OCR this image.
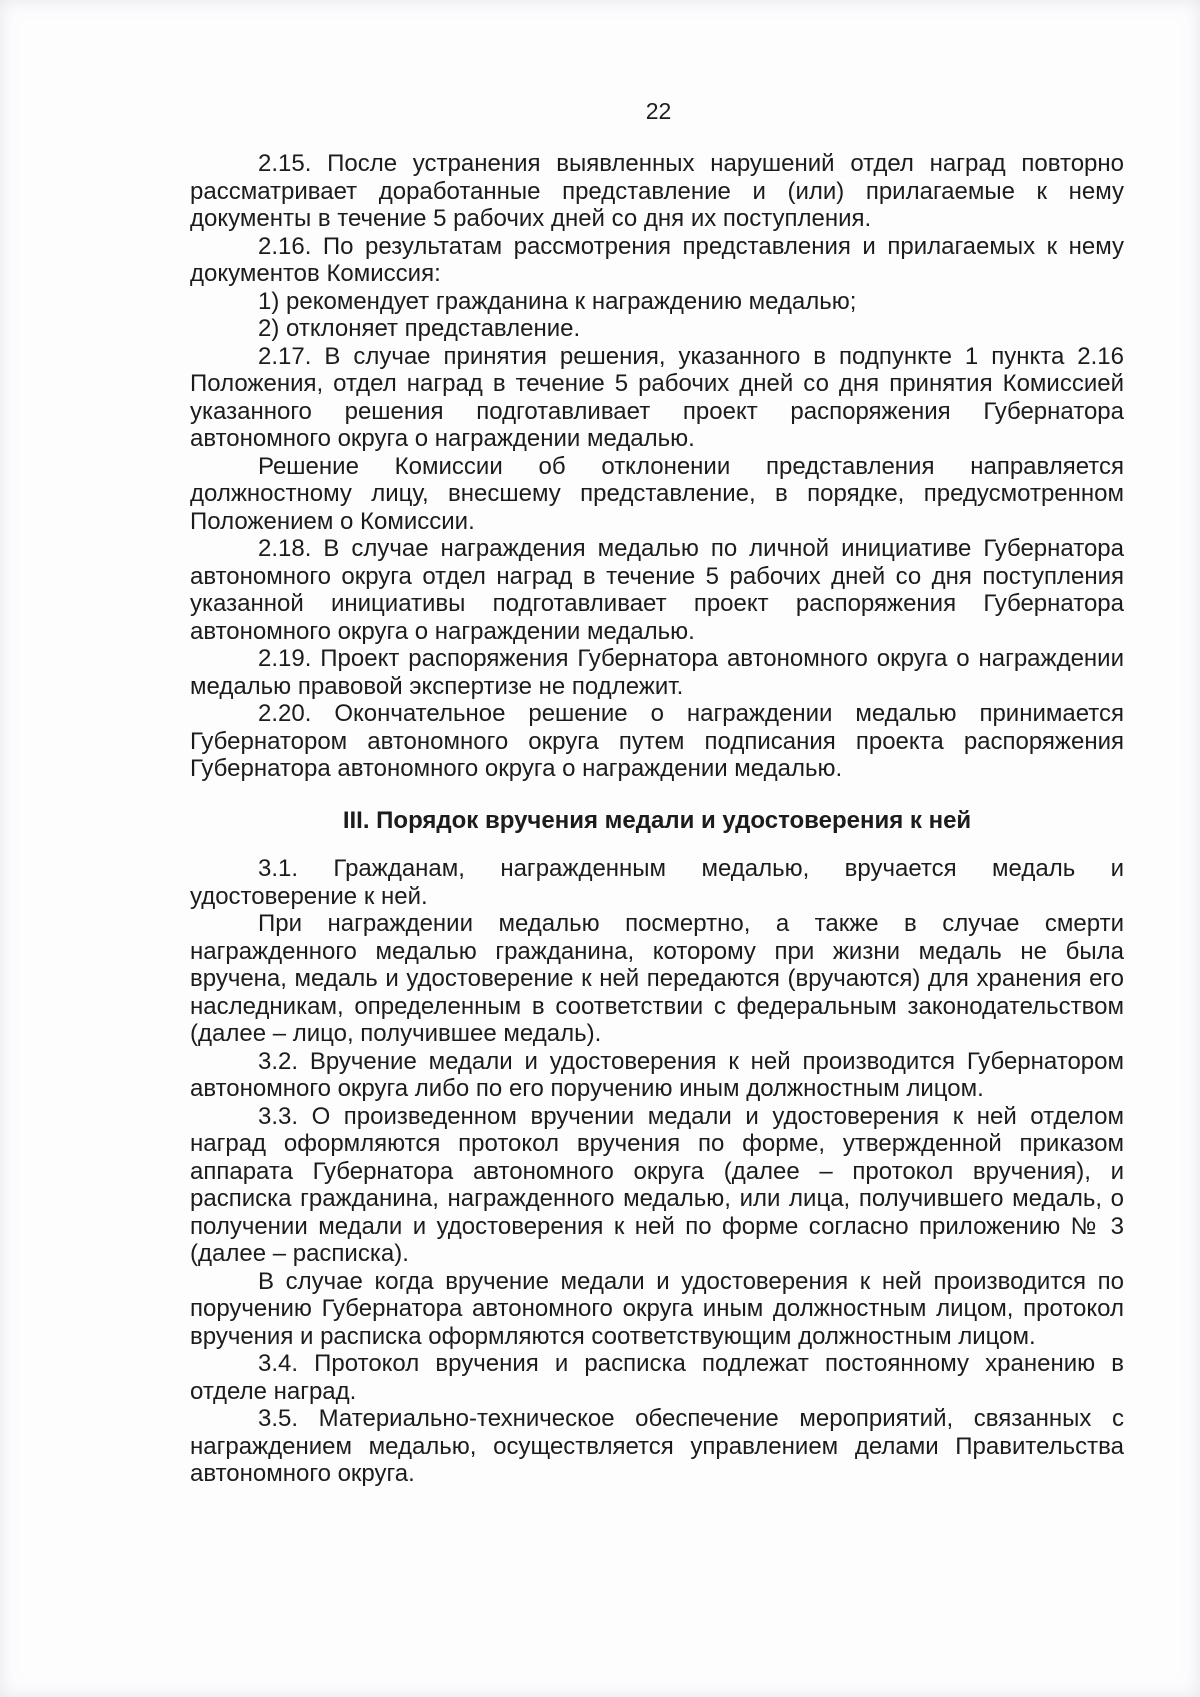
22

2.15. После устранения выявленных нарушений отдел наград повторно рассматривает доработанные представление и (или) прилагаемые к нему документы в течение 5 рабочих дней со дня их поступления.

2.16. По результатам рассмотрения представления и прилагаемых к нему документов Комиссия:

1) рекомендует гражданина к награждению медалью;

2) отклоняет представление.

2.17. В случае принятия решения, указанного в подпункте 1 пункта 2.16 Положения, отдел наград в течение 5 рабочих дней со дня принятия Комиссией указанного решения подготавливает проект распоряжения Губернатора автономного округа о награждении медалью.

Решение Комиссии об отклонении представления направляется должностному лицу, внесшему представление, в порядке, предусмотренном Положением о Комиссии.

2.18. В случае награждения медалью по личной инициативе Губернатора автономного округа отдел наград в течение 5 рабочих дней со дня поступления указанной инициативы подготавливает проект распоряжения Губернатора автономного округа о награждении медалью.

2.19. Проект распоряжения Губернатора автономного округа о награждении медалью правовой экспертизе не подлежит.

2.20. Окончательное решение о награждении медалью принимается Губернатором автономного округа путем подписания проекта распоряжения Губернатора автономного округа о награждении медалью.

III. Порядок вручения медали и удостоверения к ней

3.1. Гражданам, награжденным медалью, вручается медаль и удостоверение к ней.

При награждении медалью посмертно, а также в случае смерти награжденного медалью гражданина, которому при жизни медаль не была вручена, медаль и удостоверение к ней передаются (вручаются) для хранения его наследникам, определенным в соответствии с федеральным законодательством (далее – лицо, получившее медаль).

3.2. Вручение медали и удостоверения к ней производится Губернатором автономного округа либо по его поручению иным должностным лицом.

3.3. О произведенном вручении медали и удостоверения к ней отделом наград оформляются протокол вручения по форме, утвержденной приказом аппарата Губернатора автономного округа (далее – протокол вручения), и расписка гражданина, награжденного медалью, или лица, получившего медаль, о получении медали и удостоверения к ней по форме согласно приложению № 3 (далее – расписка).

В случае когда вручение медали и удостоверения к ней производится по поручению Губернатора автономного округа иным должностным лицом, протокол вручения и расписка оформляются соответствующим должностным лицом.

3.4. Протокол вручения и расписка подлежат постоянному хранению в отделе наград.

3.5. Материально-техническое обеспечение мероприятий, связанных с награждением медалью, осуществляется управлением делами Правительства автономного округа.
